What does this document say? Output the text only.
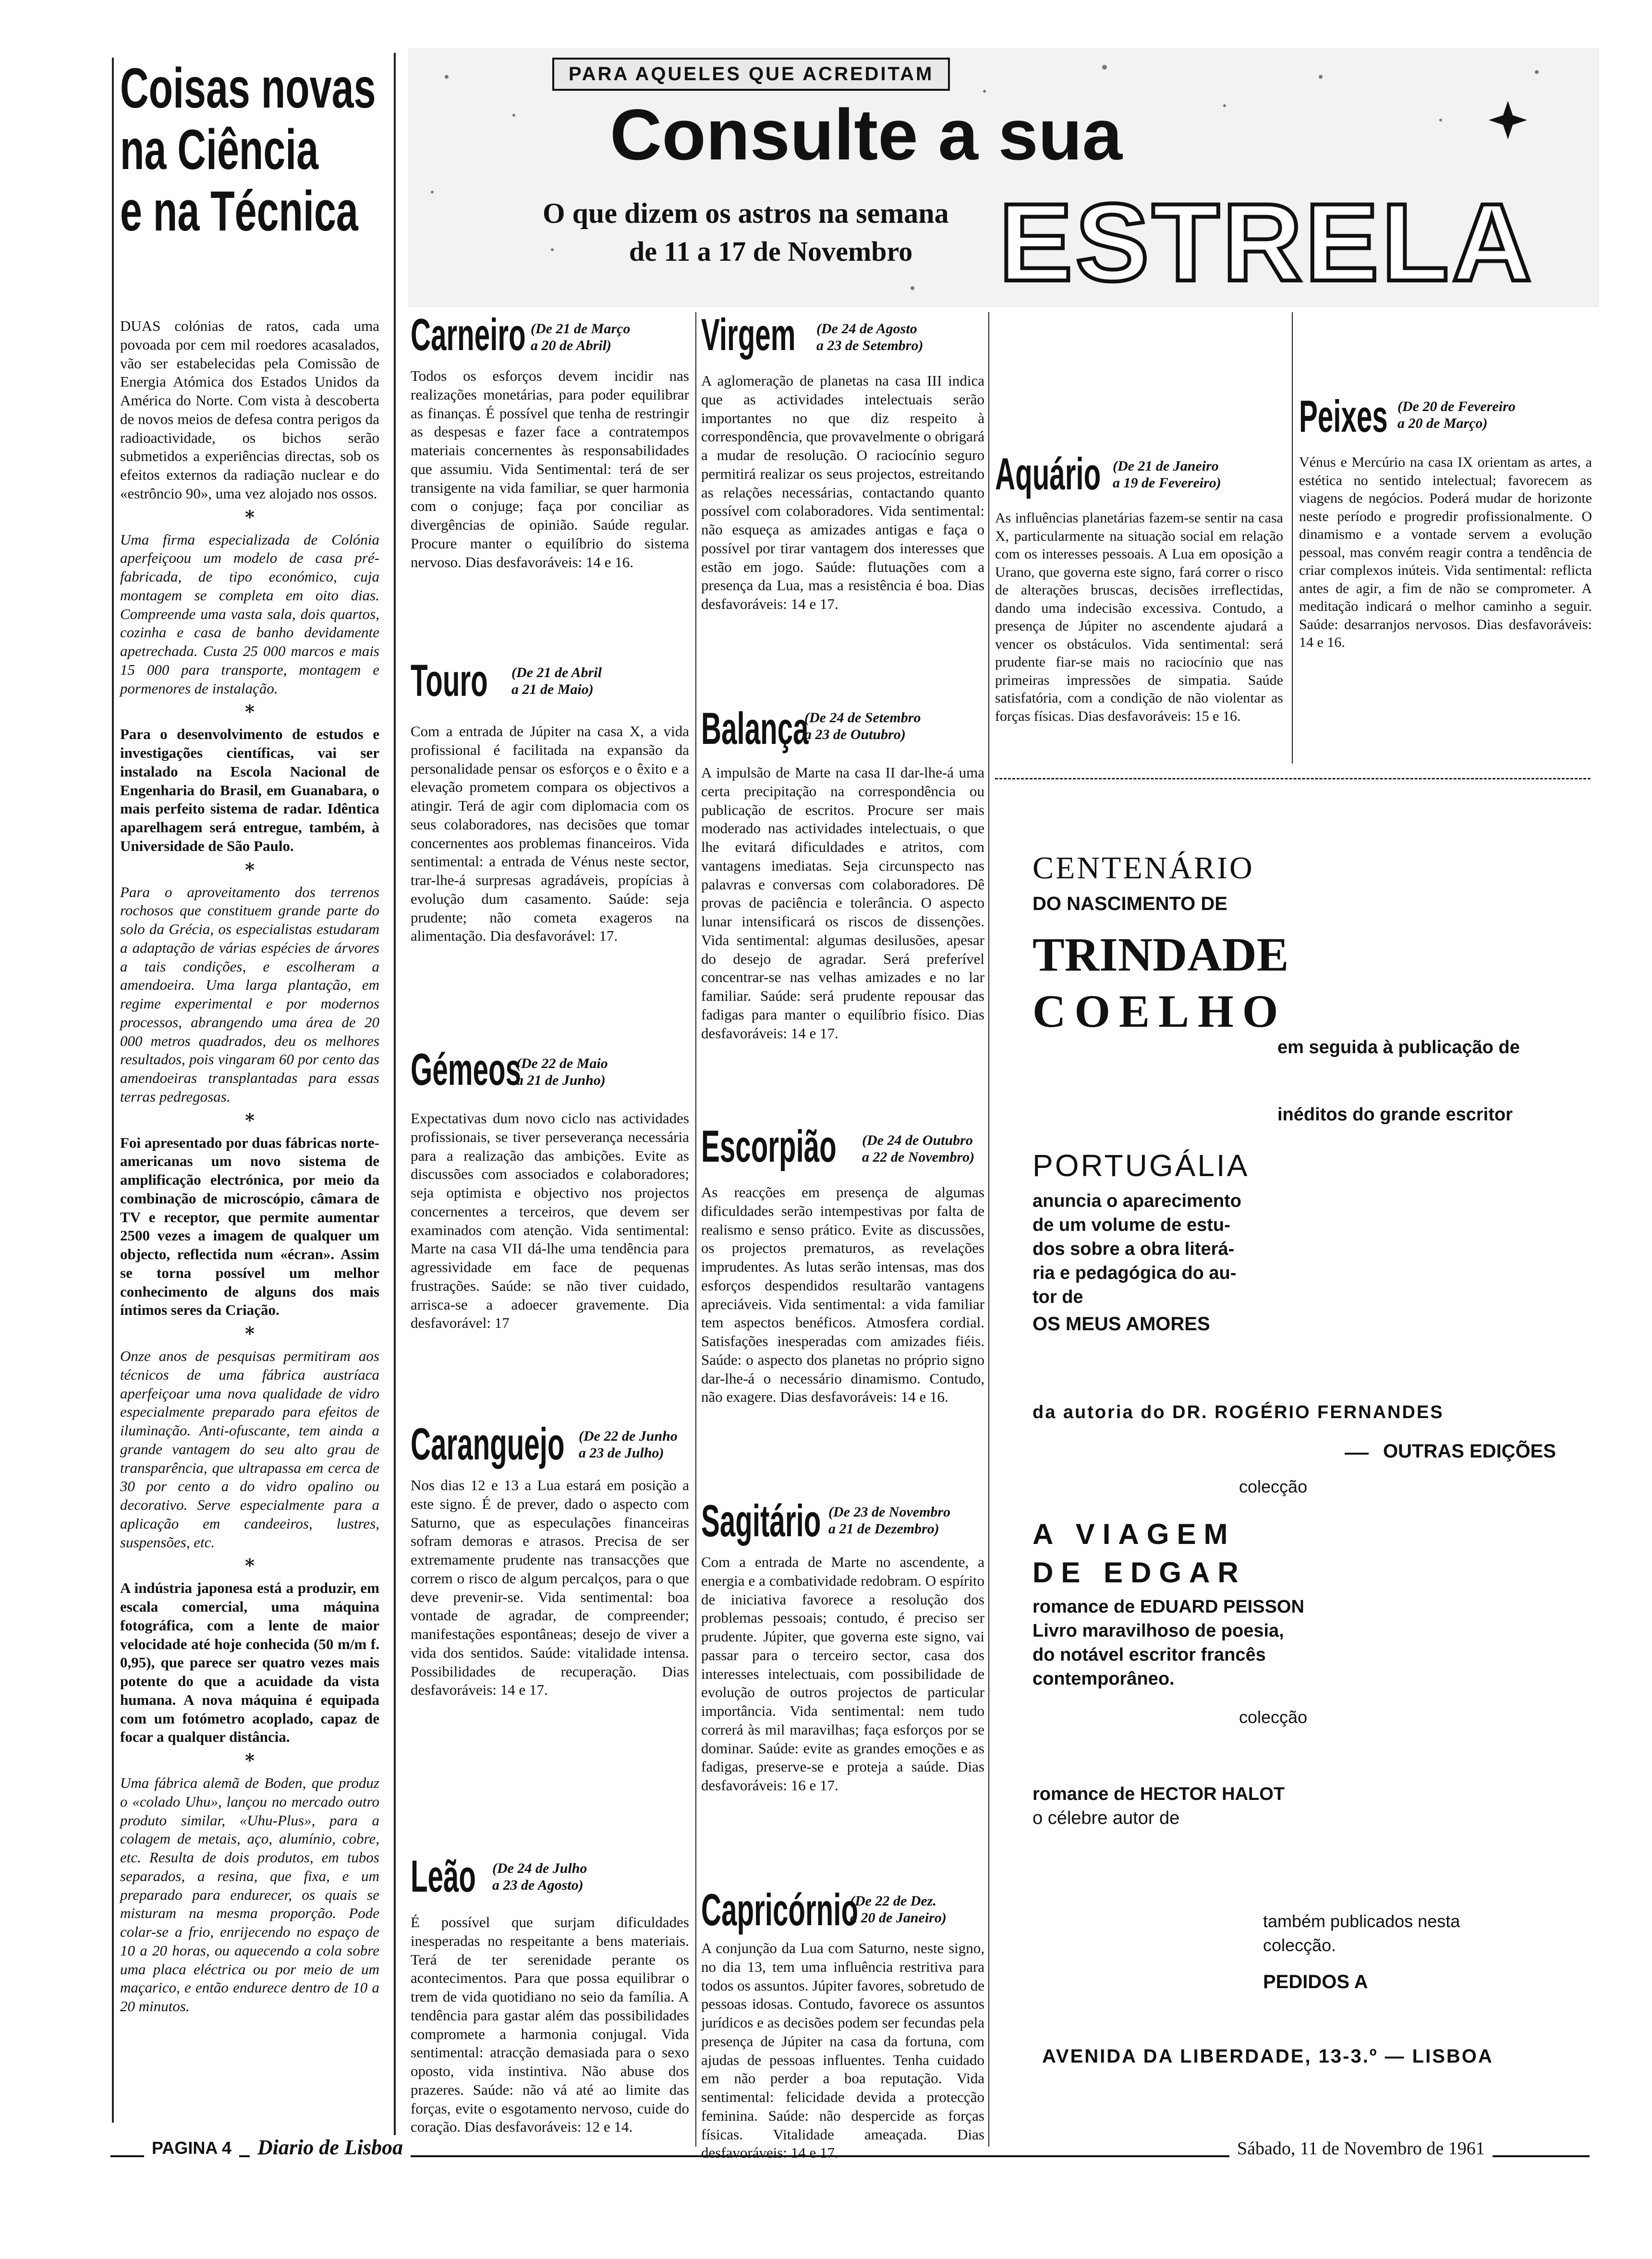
Coisas novas
na Ciência
e na Técnica

DUAS colónias de ratos, cada uma povoada por cem mil roedores acasalados, vão ser estabelecidas pela Comissão de Energia Atómica dos Estados Unidos da América do Norte. Com vista à descoberta de novos meios de defesa contra perigos da radioactividade, os bichos serão submetidos a experiências directas, sob os efeitos externos da radiação nuclear e do «estrôncio 90», uma vez alojado nos ossos.

*

Uma firma especializada de Colónia aperfeiçoou um modelo de casa pré-fabricada, de tipo económico, cuja montagem se completa em oito dias. Compreende uma vasta sala, dois quartos, cozinha e casa de banho devidamente apetrechada. Custa 25 000 marcos e mais 15 000 para transporte, montagem e pormenores de instalação.

*

Para o desenvolvimento de estudos e investigações científicas, vai ser instalado na Escola Nacional de Engenharia do Brasil, em Guanabara, o mais perfeito sistema de radar. Idêntica aparelhagem será entregue, também, à Universidade de São Paulo.

*

Para o aproveitamento dos terrenos rochosos que constituem grande parte do solo da Grécia, os especialistas estudaram a adaptação de várias espécies de árvores a tais condições, e escolheram a amendoeira. Uma larga plantação, em regime experimental e por modernos processos, abrangendo uma área de 20 000 metros quadrados, deu os melhores resultados, pois vingaram 60 por cento das amendoeiras transplantadas para essas terras pedregosas.

*

Foi apresentado por duas fábricas norte-americanas um novo sistema de amplificação electrónica, por meio da combinação de microscópio, câmara de TV e receptor, que permite aumentar 2500 vezes a imagem de qualquer um objecto, reflectida num «écran». Assim se torna possível um melhor conhecimento de alguns dos mais íntimos seres da Criação.

*

Onze anos de pesquisas permitiram aos técnicos de uma fábrica austríaca aperfeiçoar uma nova qualidade de vidro especialmente preparado para efeitos de iluminação. Anti-ofuscante, tem ainda a grande vantagem do seu alto grau de transparência, que ultrapassa em cerca de 30 por cento a do vidro opalino ou decorativo. Serve especialmente para a aplicação em candeeiros, lustres, suspensões, etc.

*

A indústria japonesa está a produzir, em escala comercial, uma máquina fotográfica, com a lente de maior velocidade até hoje conhecida (50 m/m f. 0,95), que parece ser quatro vezes mais potente do que a acuidade da vista humana. A nova máquina é equipada com um fotómetro acoplado, capaz de focar a qualquer distância.

*

Uma fábrica alemã de Boden, que produz o «colado Uhu», lançou no mercado outro produto similar, «Uhu-Plus», para a colagem de metais, aço, alumínio, cobre, etc. Resulta de dois produtos, em tubos separados, a resina, que fixa, e um preparado para endurecer, os quais se misturam na mesma proporção. Pode colar-se a frio, enrijecendo no espaço de 10 a 20 horas, ou aquecendo a cola sobre uma placa eléctrica ou por meio de um maçarico, e então endurece dentro de 10 a 20 minutos.

PARA AQUELES QUE ACREDITAM
Consulte a sua
O que dizem os astros na semana
de 11 a 17 de Novembro ESTRELA
Carneiro (De 21 de Março
a 20 de Abril)

Todos os esforços devem incidir nas realizações monetárias, para poder equilibrar as finanças. É possível que tenha de restringir as despesas e fazer face a contratempos materiais concernentes às responsabilidades que assumiu. Vida Sentimental: terá de ser transigente na vida familiar, se quer harmonia com o conjuge; faça por conciliar as divergências de opinião. Saúde regular. Procure manter o equilíbrio do sistema nervoso. Dias desfavoráveis: 14 e 16.

Touro (De 21 de Abril
a 21 de Maio)

Com a entrada de Júpiter na casa X, a vida profissional é facilitada na expansão da personalidade pensar os esforços e o êxito e a elevação prometem compara os objectivos a atingir. Terá de agir com diplomacia com os seus colaboradores, nas decisões que tomar concernentes aos problemas financeiros. Vida sentimental: a entrada de Vénus neste sector, trar-lhe-á surpresas agradáveis, propícias à evolução dum casamento. Saúde: seja prudente; não cometa exageros na alimentação. Dia desfavorável: 17.

Gémeos
(De 22 de Maio
a 21 de Junho)

Expectativas dum novo ciclo nas actividades profissionais, se tiver perseverança necessária para a realização das ambições. Evite as discussões com associados e colaboradores; seja optimista e objectivo nos projectos concernentes a terceiros, que devem ser examinados com atenção. Vida sentimental: Marte na casa VII dá-lhe uma tendência para agressividade em face de pequenas frustrações. Saúde: se não tiver cuidado, arrisca-se a adoecer gravemente. Dia desfavorável: 17

Caranguejo (De 22 de Junho
a 23 de Julho)

Nos dias 12 e 13 a Lua estará em posição a este signo. É de prever, dado o aspecto com Saturno, que as especulações financeiras sofram demoras e atrasos. Precisa de ser extremamente prudente nas transacções que correm o risco de algum percalços, para o que deve prevenir-se. Vida sentimental: boa vontade de agradar, de compreender; manifestações espontâneas; desejo de viver a vida dos sentidos. Saúde: vitalidade intensa. Possibilidades de recuperação. Dias desfavoráveis: 14 e 17.

Leão (De 24 de Julho
a 23 de Agosto)

É possível que surjam dificuldades inesperadas no respeitante a bens materiais. Terá de ter serenidade perante os acontecimentos. Para que possa equilibrar o trem de vida quotidiano no seio da família. A tendência para gastar além das possibilidades compromete a harmonia conjugal. Vida sentimental: atracção demasiada para o sexo oposto, vida instintiva. Não abuse dos prazeres. Saúde: não vá até ao limite das forças, evite o esgotamento nervoso, cuide do coração. Dias desfavoráveis: 12 e 14.

Virgem (De 24 de Agosto
a 23 de Setembro)

A aglomeração de planetas na casa III indica que as actividades intelectuais serão importantes no que diz respeito à correspondência, que provavelmente o obrigará a mudar de resolução. O raciocínio seguro permitirá realizar os seus projectos, estreitando as relações necessárias, contactando quanto possível com colaboradores. Vida sentimental: não esqueça as amizades antigas e faça o possível por tirar vantagem dos interesses que estão em jogo. Saúde: flutuações com a presença da Lua, mas a resistência é boa. Dias desfavoráveis: 14 e 17.

Balança
(De 24 de Setembro
a 23 de Outubro)

A impulsão de Marte na casa II dar-lhe-á uma certa precipitação na correspondência ou publicação de escritos. Procure ser mais moderado nas actividades intelectuais, o que lhe evitará dificuldades e atritos, com vantagens imediatas. Seja circunspecto nas palavras e conversas com colaboradores. Dê provas de paciência e tolerância. O aspecto lunar intensificará os riscos de dissenções. Vida sentimental: algumas desilusões, apesar do desejo de agradar. Será preferível concentrar-se nas velhas amizades e no lar familiar. Saúde: será prudente repousar das fadigas para manter o equilíbrio físico. Dias desfavoráveis: 14 e 17.

Escorpião (De 24 de Outubro
a 22 de Novembro)

As reacções em presença de algumas dificuldades serão intempestivas por falta de realismo e senso prático. Evite as discussões, os projectos prematuros, as revelações imprudentes. As lutas serão intensas, mas dos esforços despendidos resultarão vantagens apreciáveis. Vida sentimental: a vida familiar tem aspectos benéficos. Atmosfera cordial. Satisfações inesperadas com amizades fiéis. Saúde: o aspecto dos planetas no próprio signo dar-lhe-á o necessário dinamismo. Contudo, não exagere. Dias desfavoráveis: 14 e 16.

Sagitário (De 23 de Novembro
a 21 de Dezembro)

Com a entrada de Marte no ascendente, a energia e a combatividade redobram. O espírito de iniciativa favorece a resolução dos problemas pessoais; contudo, é preciso ser prudente. Júpiter, que governa este signo, vai passar para o terceiro sector, casa dos interesses intelectuais, com possibilidade de evolução de outros projectos de particular importância. Vida sentimental: nem tudo correrá às mil maravilhas; faça esforços por se dominar. Saúde: evite as grandes emoções e as fadigas, preserve-se e proteja a saúde. Dias desfavoráveis: 16 e 17.

Capricórnio
(De 22 de Dez.
a 20 de Janeiro)

A conjunção da Lua com Saturno, neste signo, no dia 13, tem uma influência restritiva para todos os assuntos. Júpiter favores, sobretudo de pessoas idosas. Contudo, favorece os assuntos jurídicos e as decisões podem ser fecundas pela presença de Júpiter na casa da fortuna, com ajudas de pessoas influentes. Tenha cuidado em não perder a boa reputação. Vida sentimental: felicidade devida a protecção feminina. Saúde: não despercide as forças físicas. Vitalidade ameaçada. Dias desfavoráveis: 14 e 17.

Aquário (De 21 de Janeiro
a 19 de Fevereiro)

As influências planetárias fazem-se sentir na casa X, particularmente na situação social em relação com os interesses pessoais. A Lua em oposição a Urano, que governa este signo, fará correr o risco de alterações bruscas, decisões irreflectidas, dando uma indecisão excessiva. Contudo, a presença de Júpiter no ascendente ajudará a vencer os obstáculos. Vida sentimental: será prudente fiar-se mais no raciocínio que nas primeiras impressões de simpatia. Saúde satisfatória, com a condição de não violentar as forças físicas. Dias desfavoráveis: 15 e 16.

Peixes (De 20 de Fevereiro
a 20 de Março)

Vénus e Mercúrio na casa IX orientam as artes, a estética no sentido intelectual; favorecem as viagens de negócios. Poderá mudar de horizonte neste período e progredir profissionalmente. O dinamismo e a vontade servem a evolução pessoal, mas convém reagir contra a tendência de criar complexos inúteis. Vida sentimental: reflicta antes de agir, a fim de não se comprometer. A meditação indicará o melhor caminho a seguir. Saúde: desarranjos nervosos. Dias desfavoráveis: 14 e 16.

CENTENÁRIO
DO NASCIMENTO DE
TRINDADE
COELHO
em seguida à publicação de
inéditos do grande escritor
PORTUGÁLIA
anuncia o aparecimento
de um volume de estu-
dos sobre a obra literá-
ria e pedagógica do au-
tor de
OS MEUS AMORES
da autoria do DR. ROGÉRIO FERNANDES
OUTRAS EDIÇÕES
colecção
A VIAGEM
DE EDGAR
romance de EDUARD PEISSON
Livro maravilhoso de poesia,
do notável escritor francês
contemporâneo.
colecção
romance de HECTOR HALOT
o célebre autor de
também publicados nesta
colecção.
PEDIDOS A
AVENIDA DA LIBERDADE, 13-3.º — LISBOA
PAGINA 4	Diario de Lisboa	Sábado, 11 de Novembro de 1961
